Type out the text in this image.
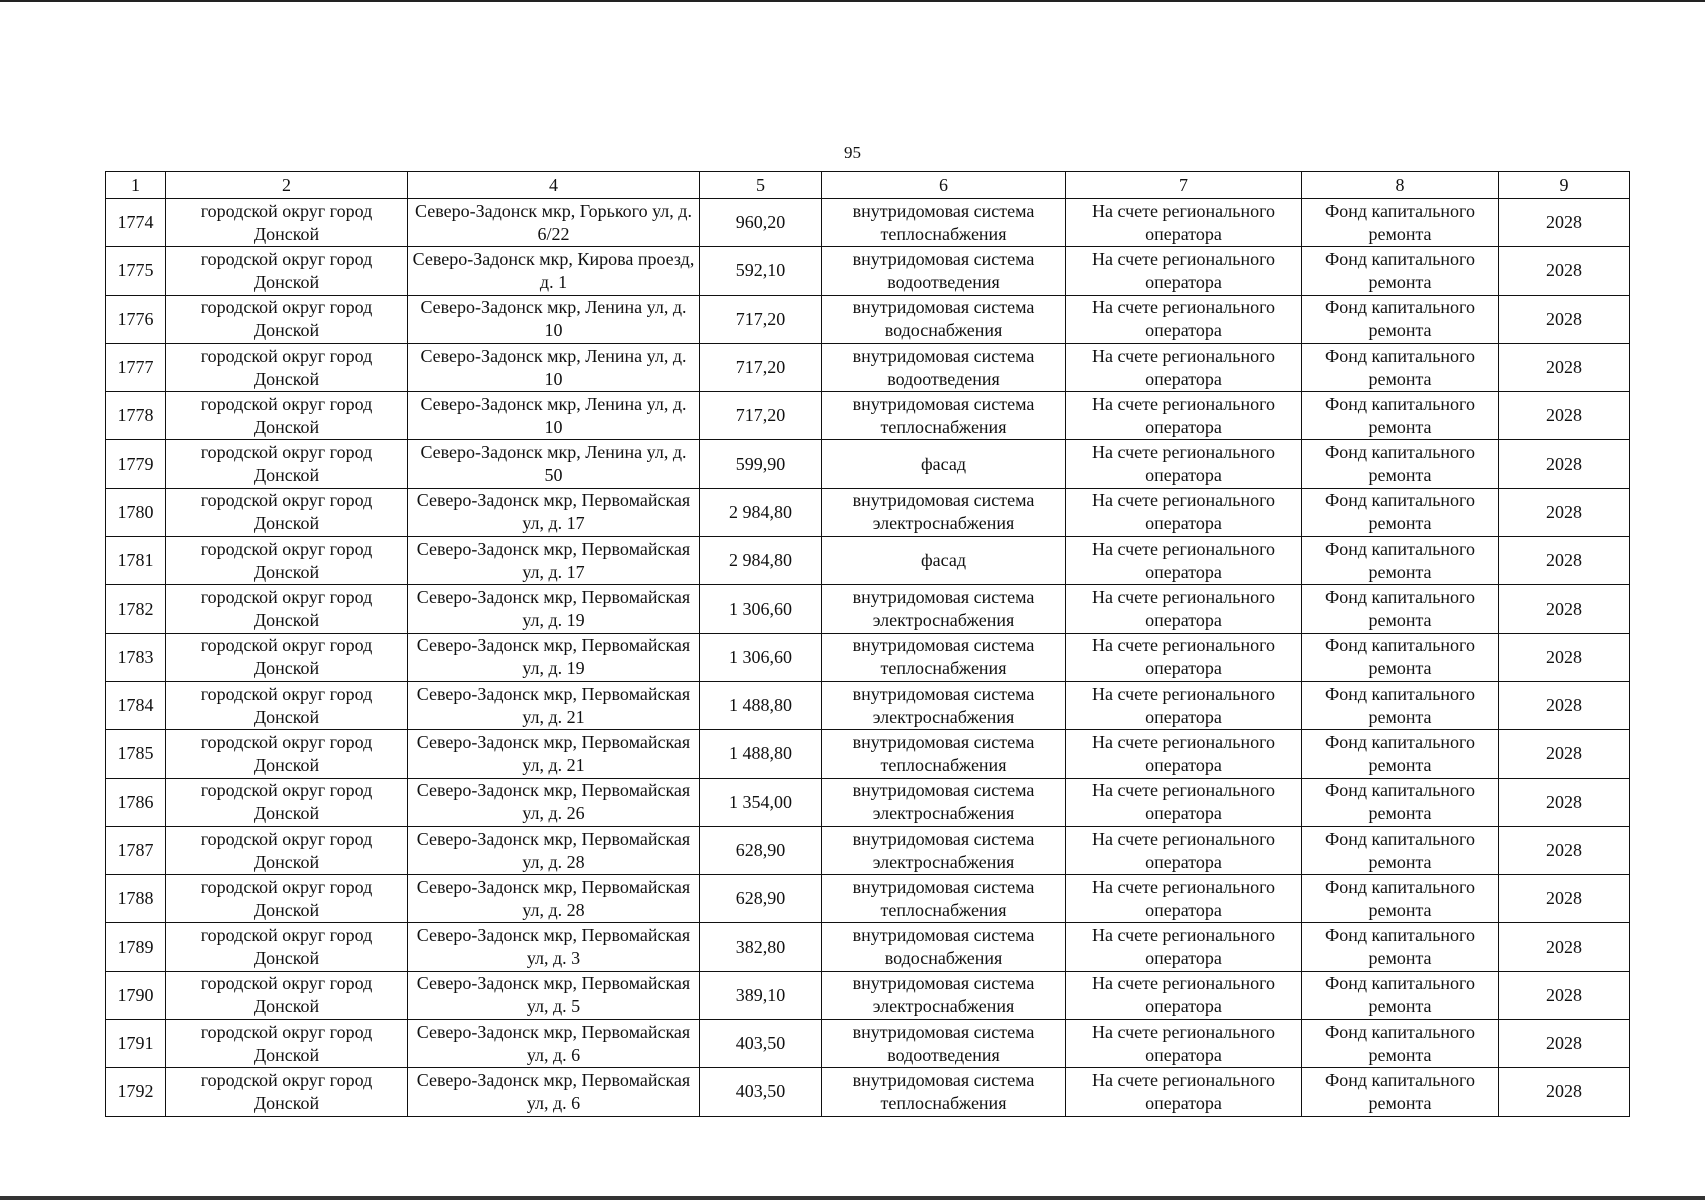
95
1	2	4	5	6	7	8	9
1774	городской округ город Донской	Северо-Задонск мкр, Горького ул, д. 6/22	960,20	внутридомовая система теплоснабжения	На счете регионального оператора	Фонд капитального ремонта	2028
1775	городской округ город Донской	Северо-Задонск мкр, Кирова проезд, д. 1	592,10	внутридомовая система водоотведения	На счете регионального оператора	Фонд капитального ремонта	2028
1776	городской округ город Донской	Северо-Задонск мкр, Ленина ул, д. 10	717,20	внутридомовая система водоснабжения	На счете регионального оператора	Фонд капитального ремонта	2028
1777	городской округ город Донской	Северо-Задонск мкр, Ленина ул, д. 10	717,20	внутридомовая система водоотведения	На счете регионального оператора	Фонд капитального ремонта	2028
1778	городской округ город Донской	Северо-Задонск мкр, Ленина ул, д. 10	717,20	внутридомовая система теплоснабжения	На счете регионального оператора	Фонд капитального ремонта	2028
1779	городской округ город Донской	Северо-Задонск мкр, Ленина ул, д. 50	599,90	фасад	На счете регионального оператора	Фонд капитального ремонта	2028
1780	городской округ город Донской	Северо-Задонск мкр, Первомайская ул, д. 17	2 984,80	внутридомовая система электроснабжения	На счете регионального оператора	Фонд капитального ремонта	2028
1781	городской округ город Донской	Северо-Задонск мкр, Первомайская ул, д. 17	2 984,80	фасад	На счете регионального оператора	Фонд капитального ремонта	2028
1782	городской округ город Донской	Северо-Задонск мкр, Первомайская ул, д. 19	1 306,60	внутридомовая система электроснабжения	На счете регионального оператора	Фонд капитального ремонта	2028
1783	городской округ город Донской	Северо-Задонск мкр, Первомайская ул, д. 19	1 306,60	внутридомовая система теплоснабжения	На счете регионального оператора	Фонд капитального ремонта	2028
1784	городской округ город Донской	Северо-Задонск мкр, Первомайская ул, д. 21	1 488,80	внутридомовая система электроснабжения	На счете регионального оператора	Фонд капитального ремонта	2028
1785	городской округ город Донской	Северо-Задонск мкр, Первомайская ул, д. 21	1 488,80	внутридомовая система теплоснабжения	На счете регионального оператора	Фонд капитального ремонта	2028
1786	городской округ город Донской	Северо-Задонск мкр, Первомайская ул, д. 26	1 354,00	внутридомовая система электроснабжения	На счете регионального оператора	Фонд капитального ремонта	2028
1787	городской округ город Донской	Северо-Задонск мкр, Первомайская ул, д. 28	628,90	внутридомовая система электроснабжения	На счете регионального оператора	Фонд капитального ремонта	2028
1788	городской округ город Донской	Северо-Задонск мкр, Первомайская ул, д. 28	628,90	внутридомовая система теплоснабжения	На счете регионального оператора	Фонд капитального ремонта	2028
1789	городской округ город Донской	Северо-Задонск мкр, Первомайская ул, д. 3	382,80	внутридомовая система водоснабжения	На счете регионального оператора	Фонд капитального ремонта	2028
1790	городской округ город Донской	Северо-Задонск мкр, Первомайская ул, д. 5	389,10	внутридомовая система электроснабжения	На счете регионального оператора	Фонд капитального ремонта	2028
1791	городской округ город Донской	Северо-Задонск мкр, Первомайская ул, д. 6	403,50	внутридомовая система водоотведения	На счете регионального оператора	Фонд капитального ремонта	2028
1792	городской округ город Донской	Северо-Задонск мкр, Первомайская ул, д. 6	403,50	внутридомовая система теплоснабжения	На счете регионального оператора	Фонд капитального ремонта	2028
